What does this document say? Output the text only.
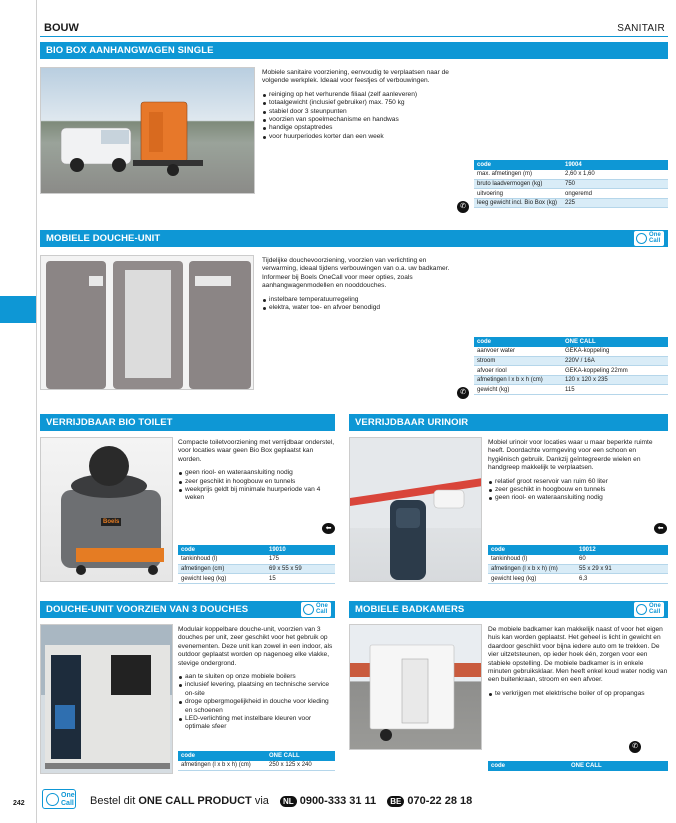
BOUW	SANITAIR
BIO BOX AANHANGWAGEN SINGLE

Mobiele sanitaire voorziening, eenvoudig te verplaatsen naar de volgende werkplek. Ideaal voor feestjes of verbouwingen.

reiniging op het verhurende filiaal (zelf aanleveren)
totaalgewicht (inclusief gebruiker) max. 750 kg
stabiel door 3 steunpunten
voorzien van spoelmechanisme en handwas
handige opstaptredes
voor huurperiodes korter dan een week
code	19004
max. afmetingen (m)	2,60 x 1,60
bruto laadvermogen (kg)	750
uitvoering	ongeremd
leeg gewicht incl. Bio Box (kg)	225
✆
MOBIELE DOUCHE-UNIT	One
Call

Tijdelijke douchevoorziening, voorzien van verlichting en verwarming, ideaal tijdens verbouwingen van o.a. uw badkamer. Informeer bij Boels OneCall voor meer opties, zoals aanhangwagenmodellen en nooddouches.

instelbare temperatuurregeling
elektra, water toe- en afvoer benodigd
code	ONE CALL
aanvoer water	GEKA-koppeling
stroom	220V / 16A
afvoer riool	GEKA-koppeling 22mm
afmetingen l x b x h (cm)	120 x 120 x 235
gewicht (kg)	115
✆
VERRIJDBAAR BIO TOILET
Boels

Compacte toiletvoorziening met verrijdbaar onderstel, voor locaties waar geen Bio Box geplaatst kan worden.

geen riool- en wateraansluiting nodig
zeer geschikt in hoogbouw en tunnels
weekprijs geldt bij minimale huurperiode van 4 weken
⬅
code	19010
tankinhoud (l)	175
afmetingen (cm)	69 x 55 x 59
gewicht leeg (kg)	15
VERRIJDBAAR URINOIR

Mobiel urinoir voor locaties waar u maar beperkte ruimte heeft. Doordachte vormgeving voor een schoon en hygiënisch gebruik. Dankzij geïntegreerde wielen en handgreep makkelijk te verplaatsen.

relatief groot reservoir van ruim 60 liter
zeer geschikt in hoogbouw en tunnels
geen riool- en wateraansluiting nodig
⬅
code	19012
tankinhoud (l)	60
afmetingen (l x b x h) (m)	55 x 29 x 91
gewicht leeg (kg)	6,3
DOUCHE-UNIT VOORZIEN VAN 3 DOUCHES	One
Call

Modulair koppelbare douche-unit, voorzien van 3 douches per unit, zeer geschikt voor het gebruik op evenementen. Deze unit kan zowel in een indoor, als outdoor geplaatst worden op nagenoeg elke vlakke, stevige ondergrond.

aan te sluiten op onze mobiele boilers
inclusief levering, plaatsing en technische service on-site
droge opbergmogelijkheid in douche voor kleding en schoenen
LED-verlichting met instelbare kleuren voor optimale sfeer
code	ONE CALL
afmetingen (l x b x h) (cm)	250 x 125 x 240
MOBIELE BADKAMERS	One
Call

De mobiele badkamer kan makkelijk naast of voor het eigen huis kan worden geplaatst. Het geheel is licht in gewicht en daardoor geschikt voor bijna iedere auto om te trekken. De vier uitzetsteunen, op ieder hoek één, zorgen voor een stabiele opstelling. De mobiele badkamer is in enkele minuten gebruiksklaar. Men heeft enkel koud water nodig van een buitenkraan, stroom en een afvoer.

te verkrijgen met elektrische boiler of op propangas
✆
code	ONE CALL
242
One
Call Bestel dit ONE CALL PRODUCT via NL 0900-333 31 11 BE 070-22 28 18
